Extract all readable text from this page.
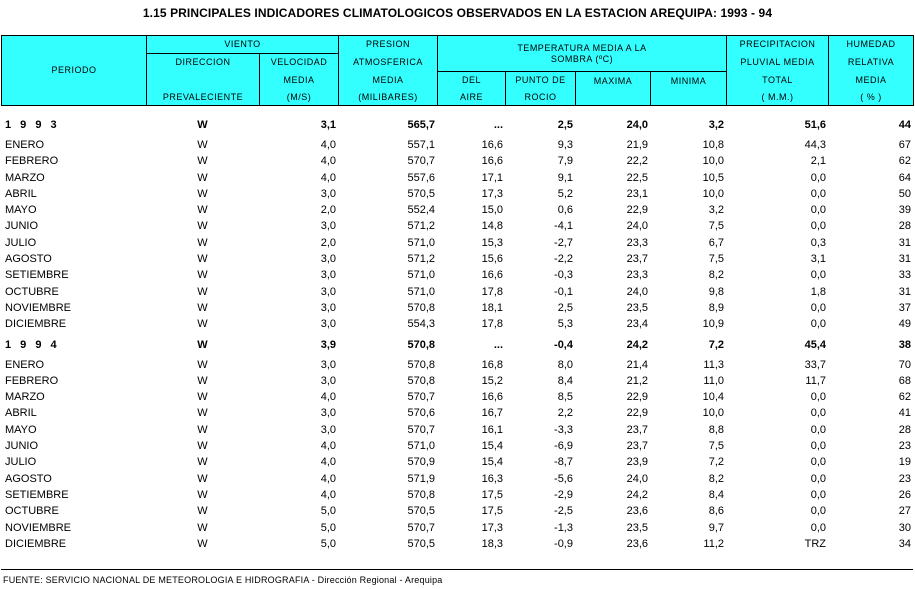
1.15 PRINCIPALES INDICADORES CLIMATOLOGICOS OBSERVADOS EN LA ESTACION AREQUIPA: 1993 - 94
PERIODO	VIENTO		PRESION	TEMPERATURA MEDIA A LA
SOMBRA (ºC)				PRECIPITACION	HUMEDAD
	DIRECCION	VELOCIDAD	ATMOSFERICA					PLUVIAL MEDIA	RELATIVA
		MEDIA	MEDIA	DEL	PUNTO DE	MAXIMA	MINIMA	TOTAL	MEDIA
	PREVALECIENTE	(M/S)	(MILIBARES)	AIRE	ROCIO			( M.M.)	( % )
1 9 9 3	W	3,1	565,7	...	2,5	24,0	3,2	51,6	44
ENERO	W	4,0	557,1	16,6	9,3	21,9	10,8	44,3	67
FEBRERO	W	4,0	570,7	16,6	7,9	22,2	10,0	2,1	62
MARZO	W	4,0	557,6	17,1	9,1	22,5	10,5	0,0	64
ABRIL	W	3,0	570,5	17,3	5,2	23,1	10,0	0,0	50
MAYO	W	2,0	552,4	15,0	0,6	22,9	3,2	0,0	39
JUNIO	W	3,0	571,2	14,8	-4,1	24,0	7,5	0,0	28
JULIO	W	2,0	571,0	15,3	-2,7	23,3	6,7	0,3	31
AGOSTO	W	3,0	571,2	15,6	-2,2	23,7	7,5	3,1	31
SETIEMBRE	W	3,0	571,0	16,6	-0,3	23,3	8,2	0,0	33
OCTUBRE	W	3,0	571,0	17,8	-0,1	24,0	9,8	1,8	31
NOVIEMBRE	W	3,0	570,8	18,1	2,5	23,5	8,9	0,0	37
DICIEMBRE	W	3,0	554,3	17,8	5,3	23,4	10,9	0,0	49
1 9 9 4	W	3,9	570,8	...	-0,4	24,2	7,2	45,4	38
ENERO	W	3,0	570,8	16,8	8,0	21,4	11,3	33,7	70
FEBRERO	W	3,0	570,8	15,2	8,4	21,2	11,0	11,7	68
MARZO	W	4,0	570,7	16,6	8,5	22,9	10,4	0,0	62
ABRIL	W	3,0	570,6	16,7	2,2	22,9	10,0	0,0	41
MAYO	W	3,0	570,7	16,1	-3,3	23,7	8,8	0,0	28
JUNIO	W	4,0	571,0	15,4	-6,9	23,7	7,5	0,0	23
JULIO	W	4,0	570,9	15,4	-8,7	23,9	7,2	0,0	19
AGOSTO	W	4,0	571,9	16,3	-5,6	24,0	8,2	0,0	23
SETIEMBRE	W	4,0	570,8	17,5	-2,9	24,2	8,4	0,0	26
OCTUBRE	W	5,0	570,5	17,5	-2,5	23,6	8,6	0,0	27
NOVIEMBRE	W	5,0	570,7	17,3	-1,3	23,5	9,7	0,0	30
DICIEMBRE	W	5,0	570,5	18,3	-0,9	23,6	11,2	TRZ	34
FUENTE: SERVICIO NACIONAL DE METEOROLOGIA E HIDROGRAFIA - Dirección Regional - Arequipa
